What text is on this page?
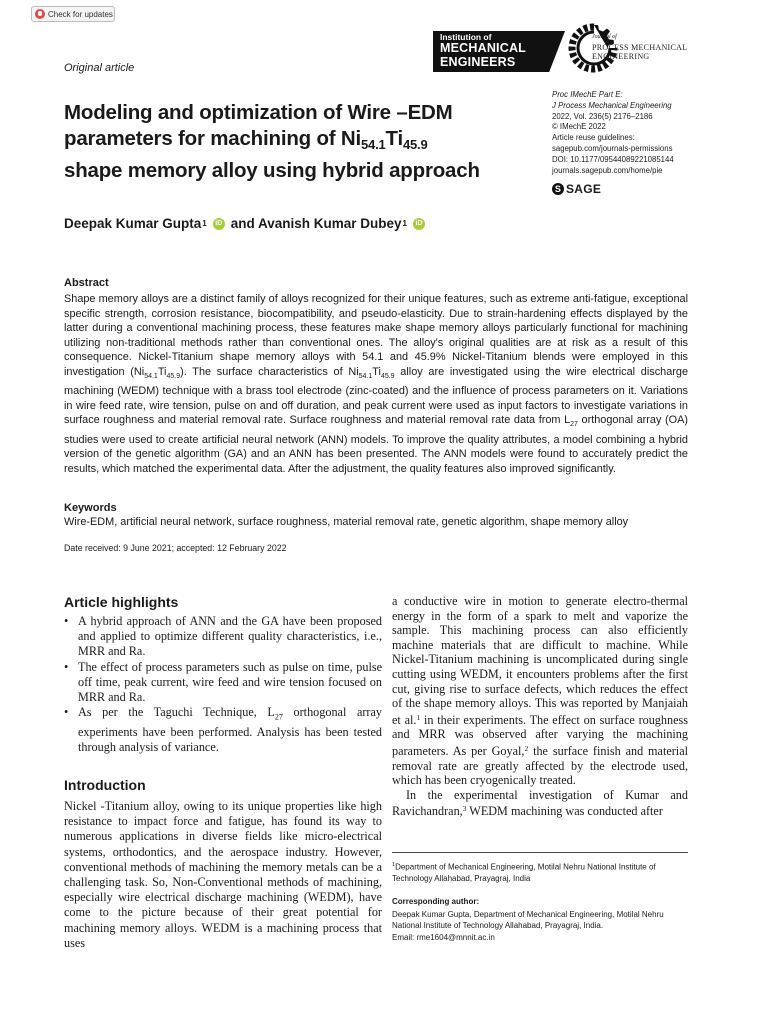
Check for updates
Original article
Institution of
MECHANICAL
ENGINEERS
Journal of
PROCESS MECHANICAL
ENGINEERING
Modeling and optimization of Wire –EDM
parameters for machining of $Ni_{54.1}Ti_{45.9}$
shape memory alloy using hybrid approach
Proc IMechE Part E:
J Process Mechanical Engineering
2022, Vol. 236(5) 2176–2186
© IMechE 2022
Article reuse guidelines:
sagepub.com/journals-permissions
DOI: 10.1177/09544089221085144
journals.sagepub.com/home/pie
S SAGE
Deepak Kumar Gupta 1	iD and Avanish Kumar Dubey 1	iD
Abstract
Shape memory alloys are a distinct family of alloys recognized for their unique features, such as extreme anti-fatigue, exceptional specific strength, corrosion resistance, biocompatibility, and pseudo-elasticity. Due to strain-hardening effects displayed by the latter during a conventional machining process, these features make shape memory alloys particularly functional for machining utilizing non-traditional methods rather than conventional ones. The alloy's original qualities are at risk as a result of this consequence. Nickel-Titanium shape memory alloys with 54.1 and 45.9% Nickel-Titanium blends were employed in this investigation $(Ni_{54.1}Ti_{45.9})$. The surface characteristics of $Ni_{54.1}Ti_{45.9}$ alloy are investigated using the wire electrical discharge machining (WEDM) technique with a brass tool electrode (zinc-coated) and the influence of process parameters on it. Variations in wire feed rate, wire tension, pulse on and off duration, and peak current were used as input factors to investigate variations in surface roughness and material removal rate. Surface roughness and material removal rate data from $L_{27}$ orthogonal array (OA) studies were used to create artificial neural network (ANN) models. To improve the quality attributes, a model combining a hybrid version of the genetic algorithm (GA) and an ANN has been presented. The ANN models were found to accurately predict the results, which matched the experimental data. After the adjustment, the quality features also improved significantly.
Keywords
Wire-EDM, artificial neural network, surface roughness, material removal rate, genetic algorithm, shape memory alloy
Date received: 9 June 2021; accepted: 12 February 2022
Article highlights
• A hybrid approach of ANN and the GA have been proposed and applied to optimize different quality characteristics, i.e., MRR and Ra.
• The effect of process parameters such as pulse on time, pulse off time, peak current, wire feed and wire tension focused on MRR and Ra.
• As per the Taguchi Technique, $L_{27}$ orthogonal array experiments have been performed. Analysis has been tested through analysis of variance.
Introduction
Nickel -Titanium alloy, owing to its unique properties like high resistance to impact force and fatigue, has found its way to numerous applications in diverse fields like micro-electrical systems, orthodontics, and the aerospace industry. However, conventional methods of machining the memory metals can be a challenging task. So, Non-Conventional methods of machining, especially wire electrical discharge machining (WEDM), have come to the picture because of their great potential for machining memory alloys. WEDM is a machining process that uses
a conductive wire in motion to generate electro-thermal energy in the form of a spark to melt and vaporize the sample. This machining process can also efficiently machine materials that are difficult to machine. While Nickel-Titanium machining is uncomplicated during single cutting using WEDM, it encounters problems after the first cut, giving rise to surface defects, which reduces the effect of the shape memory alloys. This was reported by Manjaiah et al.$^1$ in their experiments. The effect on surface roughness and MRR was observed after varying the machining parameters. As per Goyal,$^2$ the surface finish and material removal rate are greatly affected by the electrode used, which has been cryogenically treated.
In the experimental investigation of Kumar and Ravichandran,$^3$ WEDM machining was conducted after
$^1$Department of Mechanical Engineering, Motilal Nehru National Institute of Technology Allahabad, Prayagraj, India
Corresponding author:
Deepak Kumar Gupta, Department of Mechanical Engineering, Motilal Nehru National Institute of Technology Allahabad, Prayagraj, India.
Email: rme1604@mnnit.ac.in
